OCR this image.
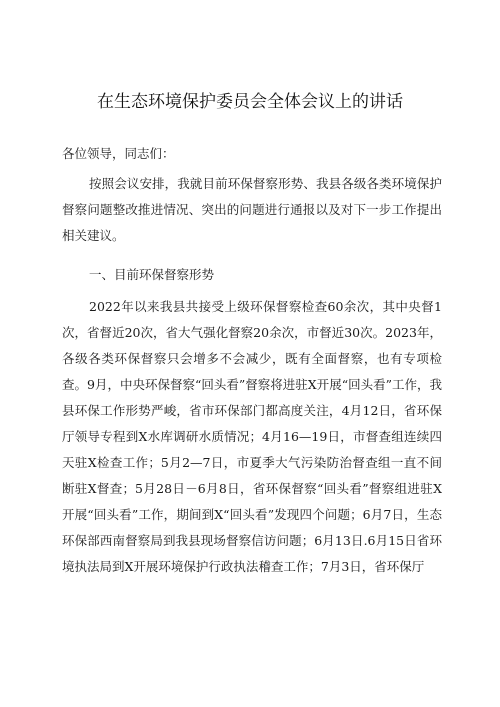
在生态环境保护委员会全体会议上的讲话
各位领导，同志们：
按照会议安排，我就目前环保督察形势、我县各级各类环境保护督察问题整改推进情况、突出的问题进行通报以及对下一步工作提出相关建议。
一、目前环保督察形势
2022年以来我县共接受上级环保督察检查60余次，其中央督1次，省督近20次，省大气强化督察20余次，市督近30次。2023年，各级各类环保督察只会增多不会减少，既有全面督察，也有专项检查。9月，中央环保督察“回头看”督察将进驻X开展“回头看”工作，我县环保工作形势严峻，省市环保部门都高度关注，4月12日，省环保厅领导专程到X水库调研水质情况；4月16—19日，市督查组连续四天驻X检查工作；5月2—7日，市夏季大气污染防治督查组一直不间断驻X督查；5月28日－6月8日，省环保督察“回头看”督察组进驻X开展“回头看”工作，期间到X“回头看”发现四个问题；6月7日，生态环保部西南督察局到我县现场督察信访问题；6月13日.6月15日省环境执法局到X开展环境保护行政执法稽查工作；7月3日，省环保厅
